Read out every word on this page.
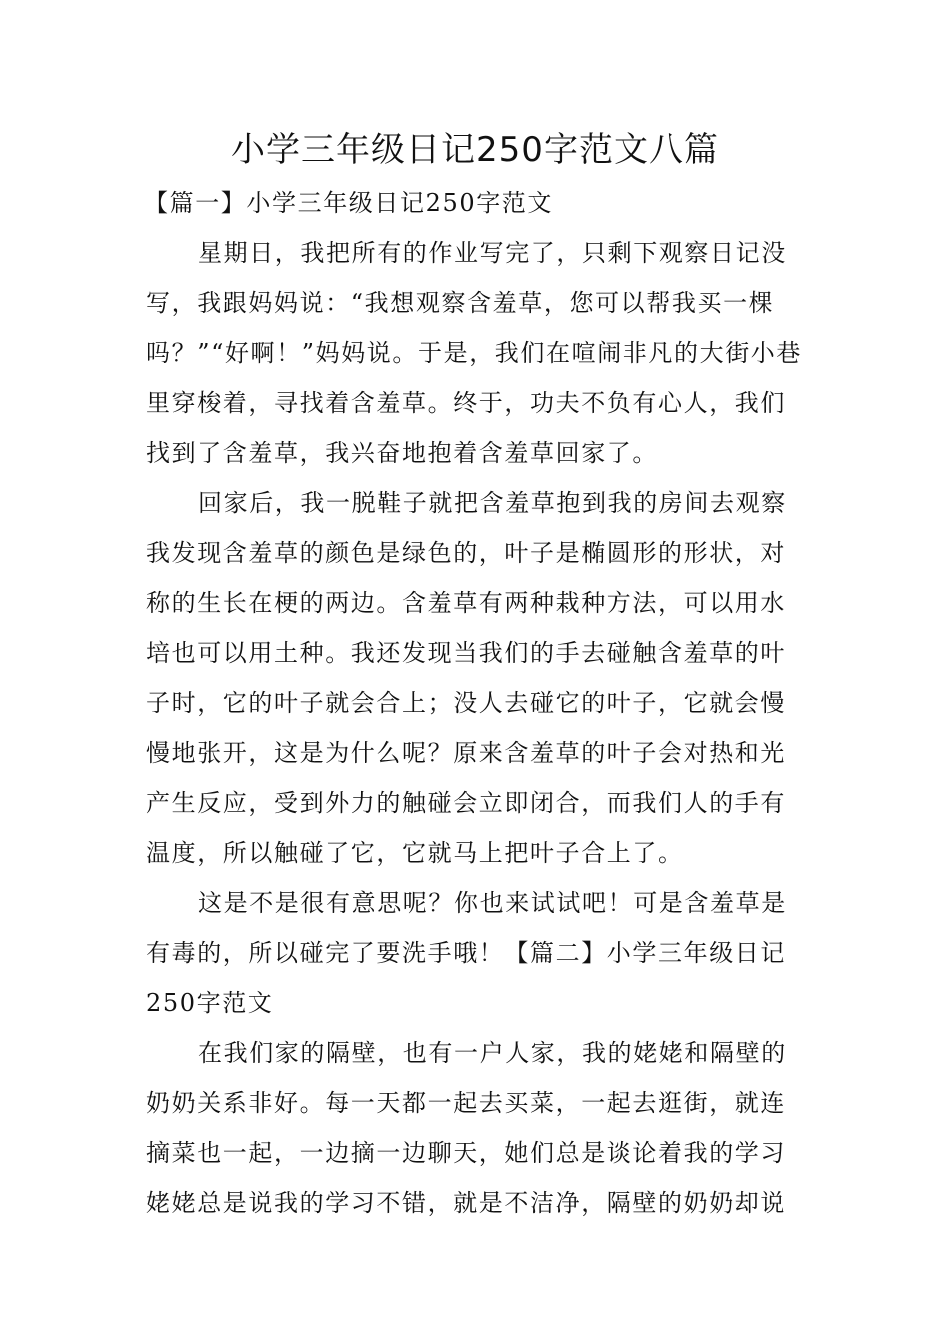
小学三年级日记250字范文八篇

【篇一】小学三年级日记250字范文

星期日，我把所有的作业写完了，只剩下观察日记没写，我跟妈妈说：“我想观察含羞草，您可以帮我买一棵吗？”“好啊！”妈妈说。于是，我们在喧闹非凡的大街小巷里穿梭着，寻找着含羞草。终于，功夫不负有心人，我们找到了含羞草，我兴奋地抱着含羞草回家了。

回家后，我一脱鞋子就把含羞草抱到我的房间去观察我发现含羞草的颜色是绿色的，叶子是椭圆形的形状，对称的生长在梗的两边。含羞草有两种栽种方法，可以用水培也可以用土种。我还发现当我们的手去碰触含羞草的叶子时，它的叶子就会合上；没人去碰它的叶子，它就会慢慢地张开，这是为什么呢？原来含羞草的叶子会对热和光产生反应，受到外力的触碰会立即闭合，而我们人的手有温度，所以触碰了它，它就马上把叶子合上了。

这是不是很有意思呢？你也来试试吧！可是含羞草是有毒的，所以碰完了要洗手哦！【篇二】小学三年级日记250字范文

在我们家的隔壁，也有一户人家，我的姥姥和隔壁的奶奶关系非好。每一天都一起去买菜，一起去逛街，就连摘菜也一起，一边摘一边聊天，她们总是谈论着我的学习姥姥总是说我的学习不错，就是不洁净，隔壁的奶奶却说
